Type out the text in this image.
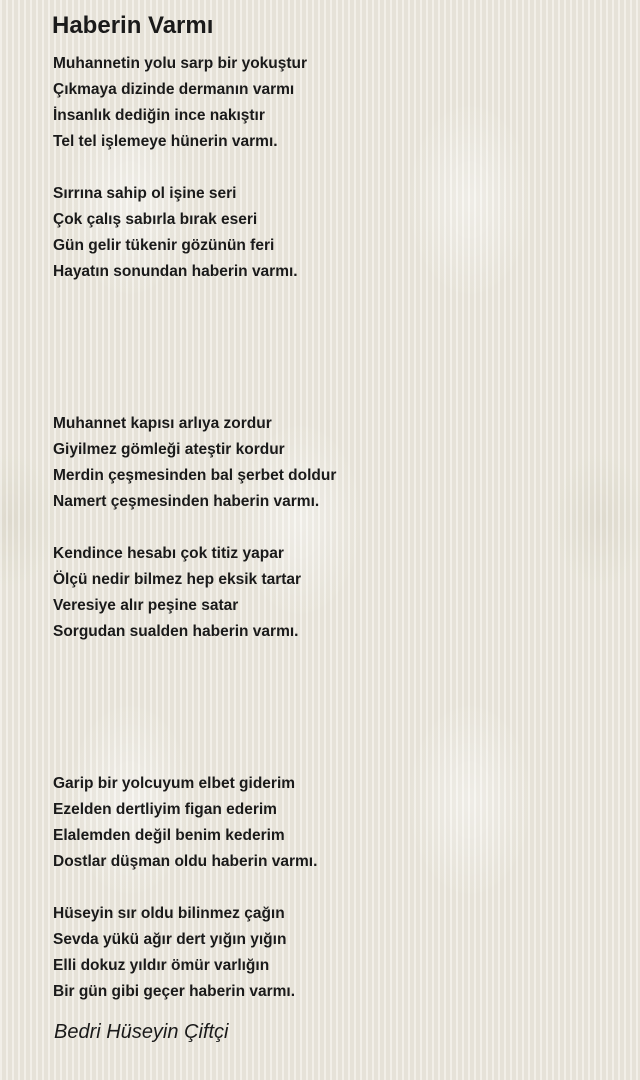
Haberin Varmı
Muhannetin yolu sarp bir yokuştur
Çıkmaya dizinde dermanın varmı
İnsanlık dediğin ince nakıştır
Tel tel işlemeye hünerin varmı.
Sırrına sahip ol işine seri
Çok çalış sabırla bırak eseri
Gün gelir tükenir gözünün feri
Hayatın sonundan haberin varmı.
Muhannet kapısı arlıya zordur
Giyilmez gömleği ateştir kordur
Merdin çeşmesinden bal şerbet doldur
Namert çeşmesinden haberin varmı.
Kendince hesabı çok titiz yapar
Ölçü nedir bilmez hep eksik tartar
Veresiye alır peşine satar
Sorgudan sualden haberin varmı.
Garip bir yolcuyum elbet giderim
Ezelden dertliyim figan ederim
Elalemden değil benim kederim
Dostlar düşman oldu haberin varmı.
Hüseyin sır oldu bilinmez çağın
Sevda yükü ağır dert yığın yığın
Elli dokuz yıldır ömür varlığın
Bir gün gibi geçer haberin varmı.

Bedri Hüseyin Çiftçi
